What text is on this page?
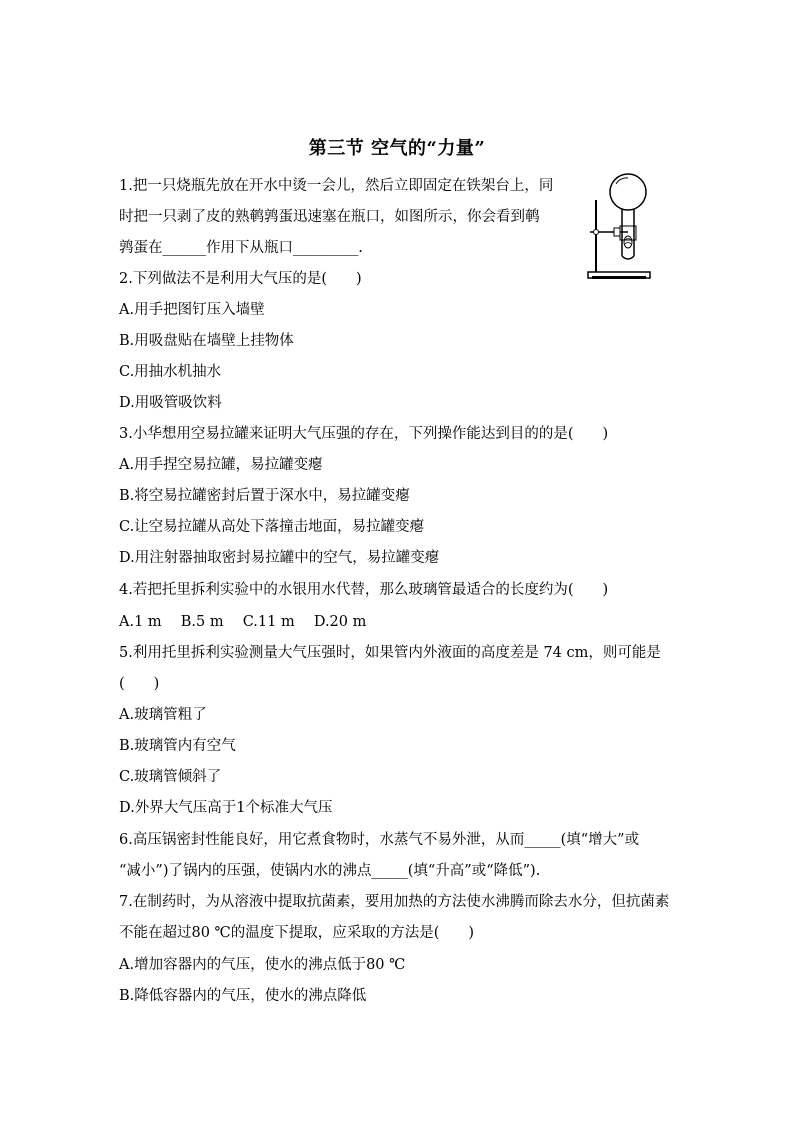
第三节 空气的“力量”
1.把一只烧瓶先放在开水中烫一会儿，然后立即固定在铁架台上，同
时把一只剥了皮的熟鹌鹑蛋迅速塞在瓶口，如图所示，你会看到鹌
鹑蛋在______作用下从瓶口_________.
2.下列做法不是利用大气压的是(　　)
A.用手把图钉压入墙壁
B.用吸盘贴在墙壁上挂物体
C.用抽水机抽水
D.用吸管吸饮料
3.小华想用空易拉罐来证明大气压强的存在，下列操作能达到目的的是(　　)
A.用手捏空易拉罐，易拉罐变瘪
B.将空易拉罐密封后置于深水中，易拉罐变瘪
C.让空易拉罐从高处下落撞击地面，易拉罐变瘪
D.用注射器抽取密封易拉罐中的空气，易拉罐变瘪
4.若把托里拆利实验中的水银用水代替，那么玻璃管最适合的长度约为(　　)
A.1 m　 B.5 m　 C.11 m　 D.20 m
5.利用托里拆利实验测量大气压强时，如果管内外液面的高度差是 74 cm，则可能是
(　　)
A.玻璃管粗了
B.玻璃管内有空气
C.玻璃管倾斜了
D.外界大气压高于1个标准大气压
6.高压锅密封性能良好，用它煮食物时，水蒸气不易外泄，从而_____(填“增大”或
“减小”)了锅内的压强，使锅内水的沸点_____(填“升高”或“降低”).
7.在制药时，为从溶液中提取抗菌素，要用加热的方法使水沸腾而除去水分，但抗菌素
不能在超过80 ℃的温度下提取，应采取的方法是(　　)
A.增加容器内的气压，使水的沸点低于80 ℃
B.降低容器内的气压，使水的沸点降低
